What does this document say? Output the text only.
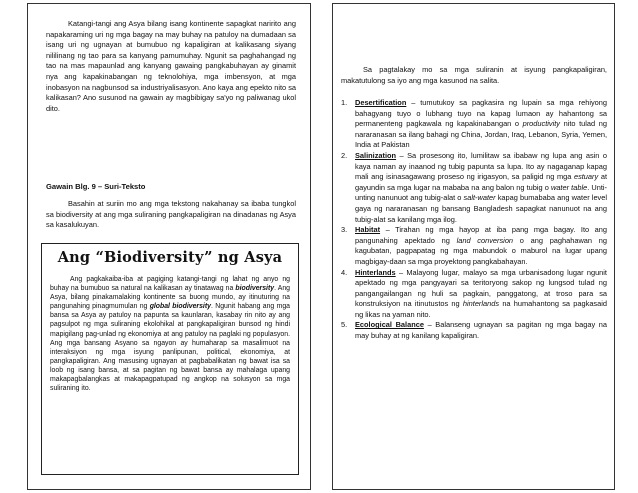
Katangi-tangi ang Asya bilang isang kontinente sapagkat naririto ang napakaraming uri ng mga bagay na may buhay na patuloy na dumadaan sa isang uri ng ugnayan at bumubuo ng kapaligiran at kalikasang siyang nililinang ng tao para sa kanyang pamumuhay. Ngunit sa paghahangad ng tao na mas mapaunlad ang kanyang gawaing pangkabuhayan ay ginamit nya ang kapakinabangan ng teknolohiya, mga imbensyon, at mga inobasyon na nagbunsod sa industriyalisasyon. Ano kaya ang epekto nito sa kalikasan? Ano susunod na gawain ay magbibigay sa'yo ng paliwanag ukol dito.

Gawain Blg. 9 – Suri-Teksto

Basahin at suriin mo ang mga tekstong nakahanay sa ibaba tungkol sa biodiversity at ang mga suliraning pangkapaligiran na dinadanas ng Asya sa kasalukuyan.

Ang “Biodiversity” ng Asya

Ang pagkakaiba-iba at pagiging katangi-tangi ng lahat ng anyo ng buhay na bumubuo sa natural na kalikasan ay tinatawag na biodiversity. Ang Asya, bilang pinakamalaking kontinente sa buong mundo, ay itinuturing na pangunahing pinagmumulan ng global biodiversity. Ngunit habang ang mga bansa sa Asya ay patuloy na papunta sa kaunlaran, kasabay rin nito ay ang pagsulpot ng mga suliraning ekolohikal at pangkapaligiran bunsod ng hindi mapigilang pag-unlad ng ekonomiya at ang patuloy na paglaki ng populasyon. Ang mga bansang Asyano sa ngayon ay humaharap sa masalimuot na interaksiyon ng mga isyung panlipunan, political, ekonomiya, at pangkapaligiran. Ang masusing ugnayan at pagbabalikatan ng bawat isa sa loob ng isang bansa, at sa pagitan ng bawat bansa ay mahalaga upang makapagbalangkas at makapagpatupad ng angkop na solusyon sa mga suliraning ito.

Sa pagtalakay mo sa mga suliranin at isyung pangkapaligiran, makatutulong sa iyo ang mga kasunod na salita.

1. Desertification – tumutukoy sa pagkasira ng lupain sa mga rehiyong bahagyang tuyo o lubhang tuyo na kapag lumaon ay hahantong sa permanenteng pagkawala ng kapakinabangan o productivity nito tulad ng nararanasan sa ilang bahagi ng China, Jordan, Iraq, Lebanon, Syria, Yemen, India at Pakistan
2. Salinization – Sa prosesong ito, lumilitaw sa ibabaw ng lupa ang asin o kaya naman ay inaanod ng tubig papunta sa lupa. Ito ay nagaganap kapag mali ang isinasagawang proseso ng irigasyon, sa paligid ng mga estuary at gayundin sa mga lugar na mababa na ang balon ng tubig o water table. Unti-unting nanunuot ang tubig-alat o salt-water kapag bumababa ang water level gaya ng nararanasan ng bansang Bangladesh sapagkat nanunuot na ang tubig-alat sa kanilang mga ilog.
3. Habitat – Tirahan ng mga hayop at iba pang mga bagay. Ito ang pangunahing apektado ng land conversion o ang paghahawan ng kagubatan, pagpapatag ng mga mabundok o maburol na lugar upang magbigay-daan sa mga proyektong pangkabahayan.
4. Hinterlands – Malayong lugar, malayo sa mga urbanisadong lugar ngunit apektado ng mga pangyayari sa teritoryong sakop ng lungsod tulad ng pangangailangan ng huli sa pagkain, panggatong, at troso para sa konstruksiyon na itinutustos ng hinterlands na humahantong sa pagkasaid ng likas na yaman nito.
5. Ecological Balance – Balanseng ugnayan sa pagitan ng mga bagay na may buhay at ng kanilang kapaligiran.
